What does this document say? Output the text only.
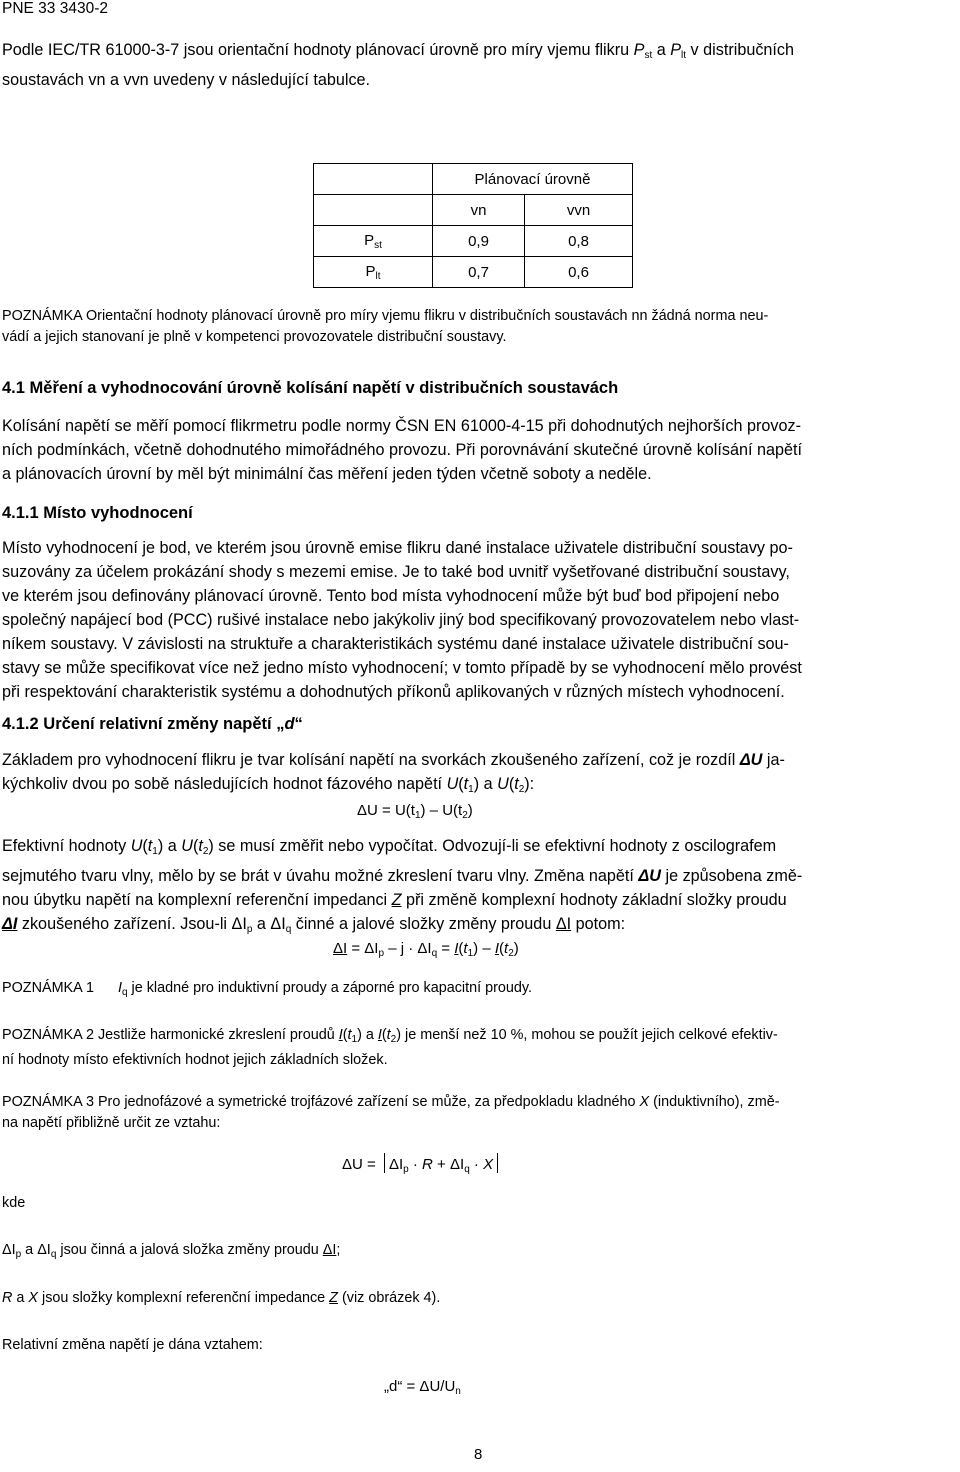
PNE 33 3430-2
Podle IEC/TR 61000-3-7 jsou orientační hodnoty plánovací úrovně pro míry vjemu flikru $P_{st}$ a $P_{lt}$ v distribučních
soustavách vn a vvn uvedeny v následující tabulce.
	Plánovací úrovně	
	vn	vvn
$P_{st}$	0,9	0,8
$P_{lt}$	0,7	0,6
POZNÁMKA Orientační hodnoty plánovací úrovně pro míry vjemu flikru v distribučních soustavách nn žádná norma neu-
vádí a jejich stanovaní je plně v kompetenci provozovatele distribuční soustavy.
4.1 Měření a vyhodnocování úrovně kolísání napětí v distribučních soustavách
Kolísání napětí se měří pomocí flikrmetru podle normy ČSN EN 61000-4-15 při dohodnutých nejhorších provoz-
ních podmínkách, včetně dohodnutého mimořádného provozu. Při porovnávání skutečné úrovně kolísání napětí
a plánovacích úrovní by měl být minimální čas měření jeden týden včetně soboty a neděle.
4.1.1 Místo vyhodnocení
Místo vyhodnocení je bod, ve kterém jsou úrovně emise flikru dané instalace uživatele distribuční soustavy po-
suzovány za účelem prokázání shody s mezemi emise. Je to také bod uvnitř vyšetřované distribuční soustavy,
ve kterém jsou definovány plánovací úrovně. Tento bod místa vyhodnocení může být buď bod připojení nebo
společný napájecí bod (PCC) rušivé instalace nebo jakýkoliv jiný bod specifikovaný provozovatelem nebo vlast-
níkem soustavy. V závislosti na struktuře a charakteristikách systému dané instalace uživatele distribuční sou-
stavy se může specifikovat více než jedno místo vyhodnocení; v tomto případě by se vyhodnocení mělo provést
při respektování charakteristik systému a dohodnutých příkonů aplikovaných v různých místech vyhodnocení.
4.1.2 Určení relativní změny napětí „d“
Základem pro vyhodnocení flikru je tvar kolísání napětí na svorkách zkoušeného zařízení, což je rozdíl ΔU ja-
kýchkoliv dvou po sobě následujících hodnot fázového napětí $U(t_1)$ a $U(t_2)$:
$\Delta U = U(t_1) - U(t_2)$
Efektivní hodnoty $U(t_1)$ a $U(t_2)$ se musí změřit nebo vypočítat. Odvozují-li se efektivní hodnoty z oscilografem
sejmutého tvaru vlny, mělo by se brát v úvahu možné zkreslení tvaru vlny. Změna napětí ΔU je způsobena změ-
nou úbytku napětí na komplexní referenční impedanci Z při změně komplexní hodnoty základní složky proudu
ΔI zkoušeného zařízení. Jsou-li $\Delta I_p$ a $\Delta I_q$ činné a jalové složky změny proudu ΔI potom:
$\Delta I = \Delta I_p - j \cdot \Delta I_q = I(t_1) - I(t_2)$
POZNÁMKA 1 $I_q$ je kladné pro induktivní proudy a záporné pro kapacitní proudy.
POZNÁMKA 2 Jestliže harmonické zkreslení proudů $I(t_1)$ a $I(t_2)$ je menší než 10 %, mohou se použít jejich celkové efektiv-
ní hodnoty místo efektivních hodnot jejich základních složek.
POZNÁMKA 3 Pro jednofázové a symetrické trojfázové zařízení se může, za předpokladu kladného X (induktivního), změ-
na napětí přibližně určit ze vztahu:
$\Delta U = \Delta I_p \cdot R + \Delta I_q \cdot X$
kde
$\Delta I_p$ a $\Delta I_q$ jsou činná a jalová složka změny proudu ΔI;
R a X jsou složky komplexní referenční impedance Z (viz obrázek 4).
Relativní změna napětí je dána vztahem:
„d“ = $\Delta U/U_n$
8
